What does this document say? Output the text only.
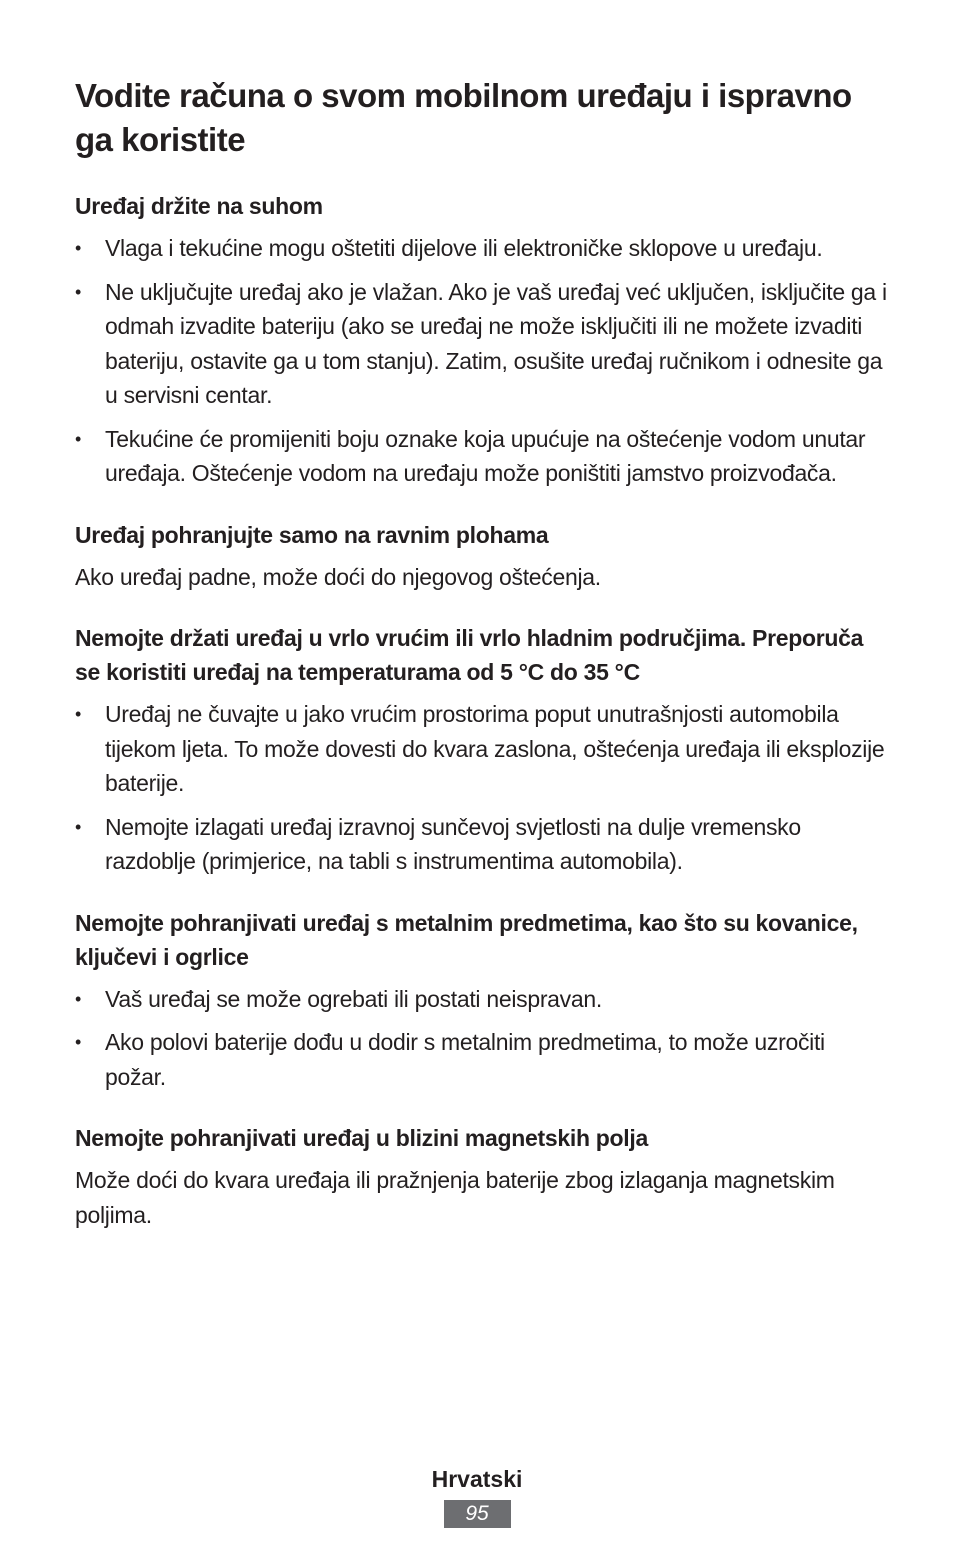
Vodite računa o svom mobilnom uređaju i ispravno ga koristite
Uređaj držite na suhom
•	Vlaga i tekućine mogu oštetiti dijelove ili elektroničke sklopove u uređaju.
•	Ne uključujte uređaj ako je vlažan. Ako je vaš uređaj već uključen, isključite ga i odmah izvadite bateriju (ako se uređaj ne može isključiti ili ne možete izvaditi bateriju, ostavite ga u tom stanju). Zatim, osušite uređaj ručnikom i odnesite ga u servisni centar.
•	Tekućine će promijeniti boju oznake koja upućuje na oštećenje vodom unutar uređaja. Oštećenje vodom na uređaju može poništiti jamstvo proizvođača.
Uređaj pohranjujte samo na ravnim plohama

Ako uređaj padne, može doći do njegovog oštećenja.

Nemojte držati uređaj u vrlo vrućim ili vrlo hladnim područjima. Preporuča se koristiti uređaj na temperaturama od 5 °C do 35 °C
•	Uređaj ne čuvajte u jako vrućim prostorima poput unutrašnjosti automobila tijekom ljeta. To može dovesti do kvara zaslona, oštećenja uređaja ili eksplozije baterije.
•	Nemojte izlagati uređaj izravnoj sunčevoj svjetlosti na dulje vremensko razdoblje (primjerice, na tabli s instrumentima automobila).
Nemojte pohranjivati uređaj s metalnim predmetima, kao što su kovanice, ključevi i ogrlice
•	Vaš uređaj se može ogrebati ili postati neispravan.
•	Ako polovi baterije dođu u dodir s metalnim predmetima, to može uzročiti požar.
Nemojte pohranjivati uređaj u blizini magnetskih polja

Može doći do kvara uređaja ili pražnjenja baterije zbog izlaganja magnetskim poljima.

Hrvatski
95
